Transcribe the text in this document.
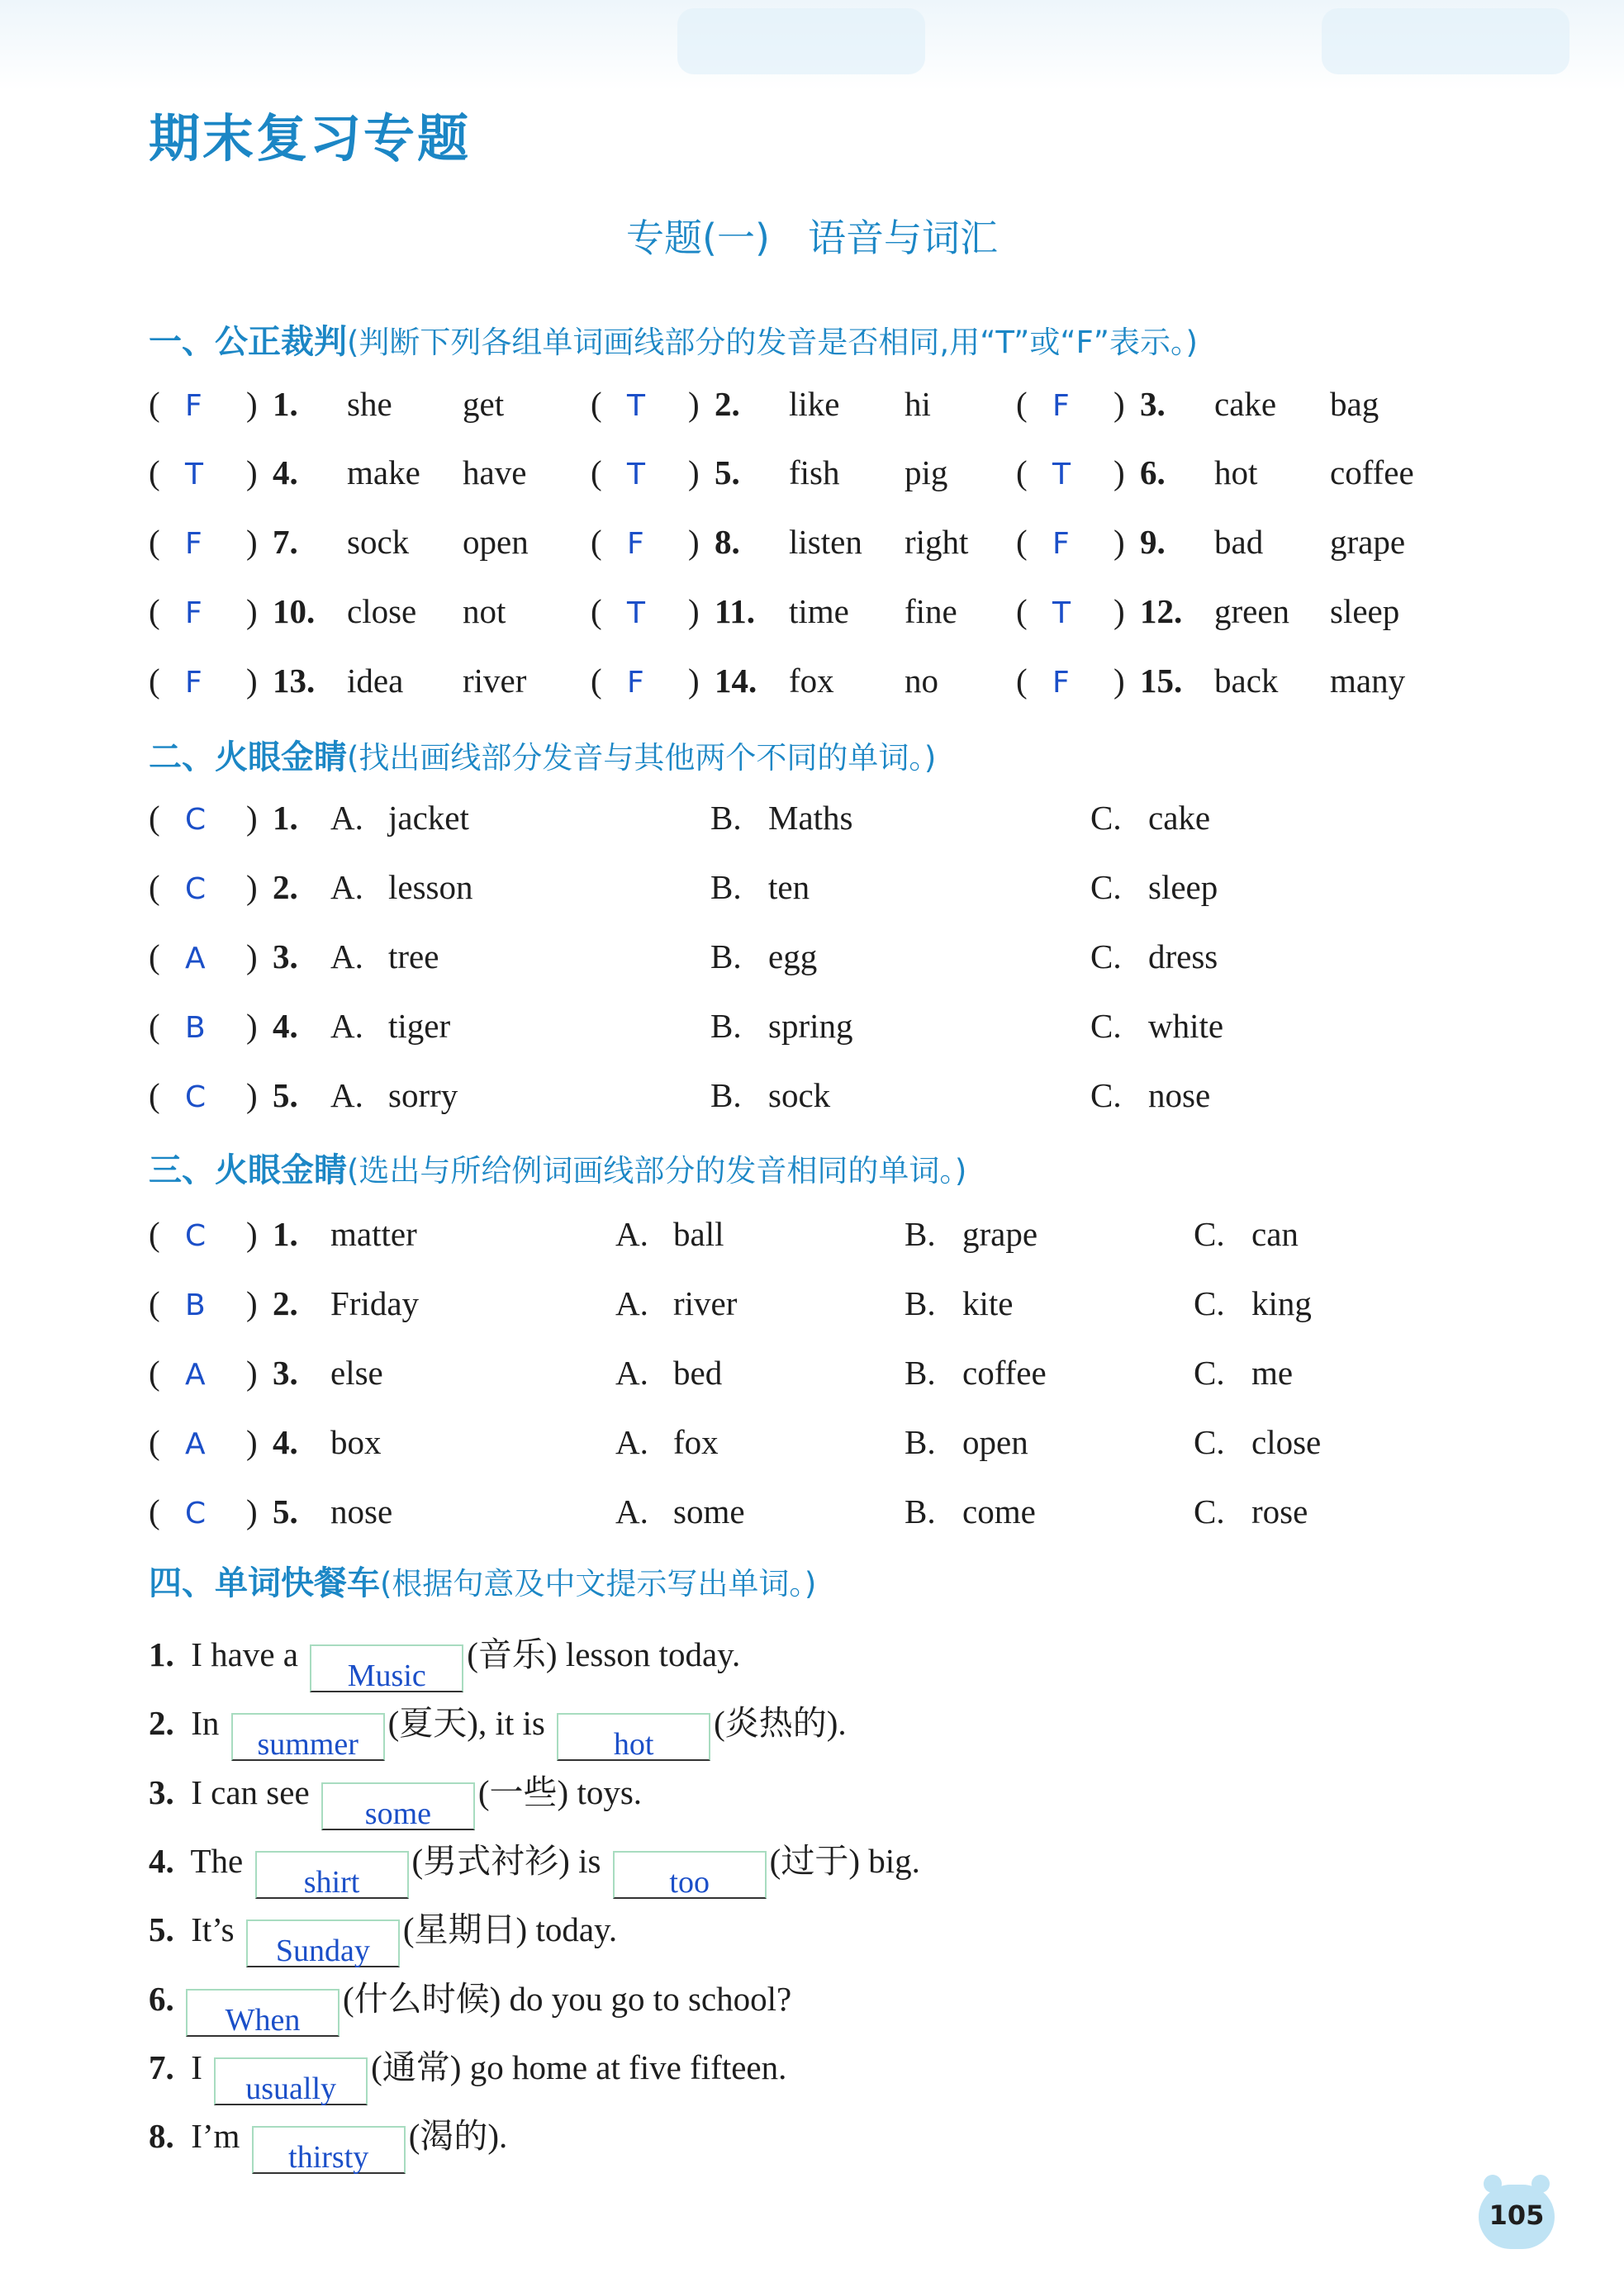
期末复习专题
专题(一)　语音与词汇
一、公正裁判(判断下列各组单词画线部分的发音是否相同,用“T”或“F”表示。)
( F ) 1. she get	( T ) 2. like hi	( F ) 3. cake bag
( T ) 4. make have ( T ) 5. fish pig ( T ) 6. hot coffee
( F ) 7. sock open ( F ) 8. listen right ( F ) 9. bad grape
( F ) 10. close not	( T ) 11. time fine ( T ) 12. green sleep
( F ) 13. idea river ( F ) 14. fox no ( F ) 15. back many
二、火眼金睛(找出画线部分发音与其他两个不同的单词。)
( C ) 1. A. jacket	B. Maths	C. cake
( C ) 2. A. lesson	B. ten	C. sleep
( A ) 3. A. tree	B. egg	C. dress
( B ) 4. A. tiger	B. spring	C. white
( C ) 5. A. sorry	B. sock	C. nose
三、火眼金睛(选出与所给例词画线部分的发音相同的单词。)
( C ) 1. matter	A. ball	B. grape	C. can
( B ) 2. Friday	A. river	B. kite	C. king
( A ) 3. else	A. bed	B. coffee	C. me
( A ) 4. box	A. fox	B. open	C. close
( C ) 5. nose	A. some	B. come	C. rose
四、单词快餐车(根据句意及中文提示写出单词。)
1. I have a Music(音乐) lesson today.
2. In summer(夏天), it is hot(炎热的).
3. I can see some(一些) toys.
4. The shirt(男式衬衫) is too(过于) big.
5. It’s Sunday(星期日) today.
6. When(什么时候) do you go to school?
7. I usually(通常) go home at five fifteen.
8. I’m thirsty(渴的).
105
